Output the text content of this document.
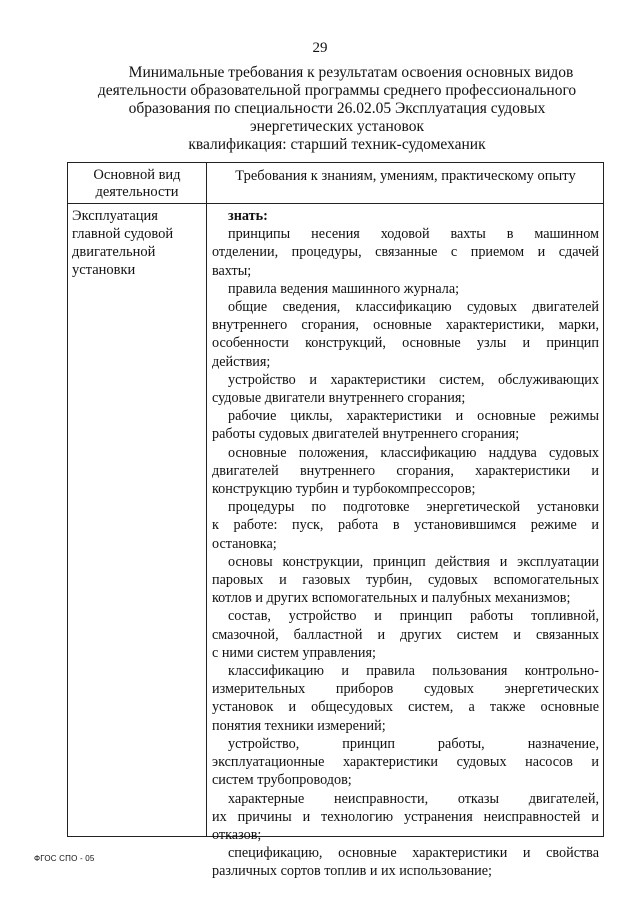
29
Минимальные требования к результатам освоения основных видов
деятельности образовательной программы среднего профессионального
образования по специальности 26.02.05 Эксплуатация судовых
энергетических установок
квалификация: старший техник-судомеханик
Основной вид
деятельности
Требования к знаниям, умениям, практическому опыту
Эксплуатация
главной судовой
двигательной
установки
знать:
принципы несения ходовой вахты в машинном
отделении, процедуры, связанные с приемом и сдачей
вахты;
правила ведения машинного журнала;
общие сведения, классификацию судовых двигателей
внутреннего сгорания, основные характеристики, марки,
особенности конструкций, основные узлы и принцип
действия;
устройство и характеристики систем, обслуживающих
судовые двигатели внутреннего сгорания;
рабочие циклы, характеристики и основные режимы
работы судовых двигателей внутреннего сгорания;
основные положения, классификацию наддува судовых
двигателей внутреннего сгорания, характеристики и
конструкцию турбин и турбокомпрессоров;
процедуры по подготовке энергетической установки
к работе: пуск, работа в установившимся режиме и
остановка;
основы конструкции, принцип действия и эксплуатации
паровых и газовых турбин, судовых вспомогательных
котлов и других вспомогательных и палубных механизмов;
состав, устройство и принцип работы топливной,
смазочной, балластной и других систем и связанных
с ними систем управления;
классификацию и правила пользования контрольно-
измерительных приборов судовых энергетических
установок и общесудовых систем, а также основные
понятия техники измерений;
устройство, принцип работы, назначение,
эксплуатационные характеристики судовых насосов и
систем трубопроводов;
характерные неисправности, отказы двигателей,
их причины и технологию устранения неисправностей и
отказов;
спецификацию, основные характеристики и свойства
различных сортов топлив и их использование;
ФГОС СПО - 05
